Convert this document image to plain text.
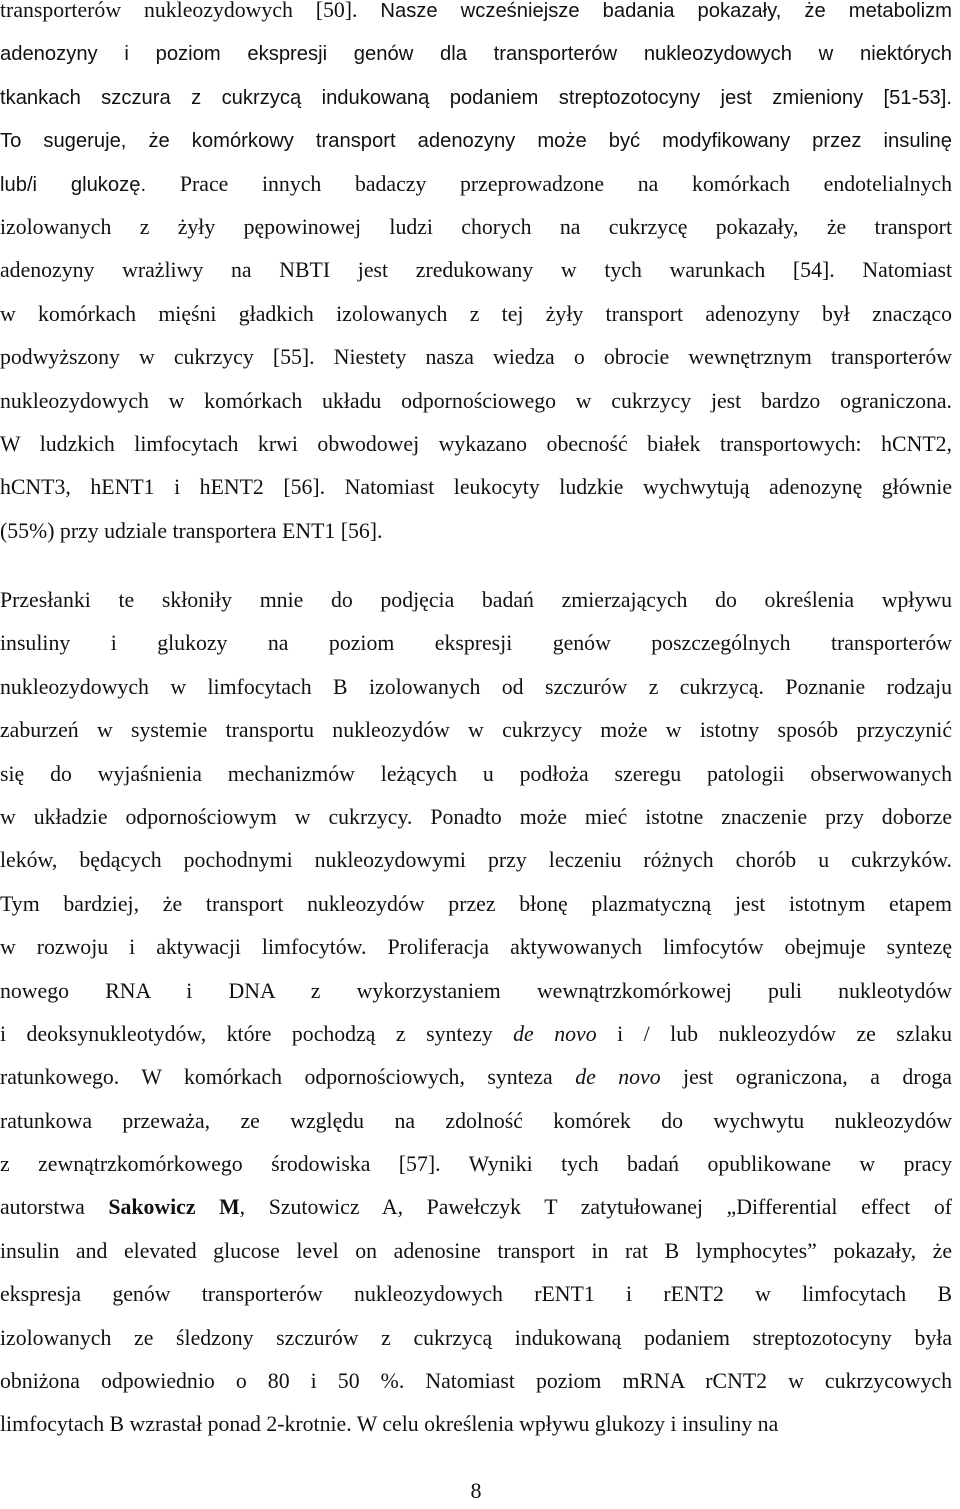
transporterów nukleozydowych [50]. Nasze wcześniejsze badania pokazały, że metabolizm
adenozyny i poziom ekspresji genów dla transporterów nukleozydowych w niektórych
tkankach szczura z cukrzycą indukowaną podaniem streptozotocyny jest zmieniony [51-53].
To sugeruje, że komórkowy transport adenozyny może być modyfikowany przez insulinę
lub/i glukozę. Prace innych badaczy przeprowadzone na komórkach endotelialnych
izolowanych z żyły pępowinowej ludzi chorych na cukrzycę pokazały, że transport
adenozyny wrażliwy na NBTI jest zredukowany w tych warunkach [54]. Natomiast
w komórkach mięśni gładkich izolowanych z tej żyły transport adenozyny był znacząco
podwyższony w cukrzycy [55]. Niestety nasza wiedza o obrocie wewnętrznym transporterów
nukleozydowych w komórkach układu odpornościowego w cukrzycy jest bardzo ograniczona.
W ludzkich limfocytach krwi obwodowej wykazano obecność białek transportowych: hCNT2,
hCNT3, hENT1 i hENT2 [56]. Natomiast leukocyty ludzkie wychwytują adenozynę głównie
(55%) przy udziale transportera ENT1 [56].
Przesłanki te skłoniły mnie do podjęcia badań zmierzających do określenia wpływu
insuliny i glukozy na poziom ekspresji genów poszczególnych transporterów
nukleozydowych w limfocytach B izolowanych od szczurów z cukrzycą. Poznanie rodzaju
zaburzeń w systemie transportu nukleozydów w cukrzycy może w istotny sposób przyczynić
się do wyjaśnienia mechanizmów leżących u podłoża szeregu patologii obserwowanych
w układzie odpornościowym w cukrzycy. Ponadto może mieć istotne znaczenie przy doborze
leków, będących pochodnymi nukleozydowymi przy leczeniu różnych chorób u cukrzyków.
Tym bardziej, że transport nukleozydów przez błonę plazmatyczną jest istotnym etapem
w rozwoju i aktywacji limfocytów. Proliferacja aktywowanych limfocytów obejmuje syntezę
nowego RNA i DNA z wykorzystaniem wewnątrzkomórkowej puli nukleotydów
i deoksynukleotydów, które pochodzą z syntezy de novo i / lub nukleozydów ze szlaku
ratunkowego. W komórkach odpornościowych, synteza de novo jest ograniczona, a droga
ratunkowa przeważa, ze względu na zdolność komórek do wychwytu nukleozydów
z zewnątrzkomórkowego środowiska [57]. Wyniki tych badań opublikowane w pracy
autorstwa Sakowicz M, Szutowicz A, Pawełczyk T zatytułowanej „Differential effect of
insulin and elevated glucose level on adenosine transport in rat B lymphocytes” pokazały, że
ekspresja genów transporterów nukleozydowych rENT1 i rENT2 w limfocytach B
izolowanych ze śledzony szczurów z cukrzycą indukowaną podaniem streptozotocyny była
obniżona odpowiednio o 80 i 50 %. Natomiast poziom mRNA rCNT2 w cukrzycowych
limfocytach B wzrastał ponad 2-krotnie. W celu określenia wpływu glukozy i insuliny na
8
